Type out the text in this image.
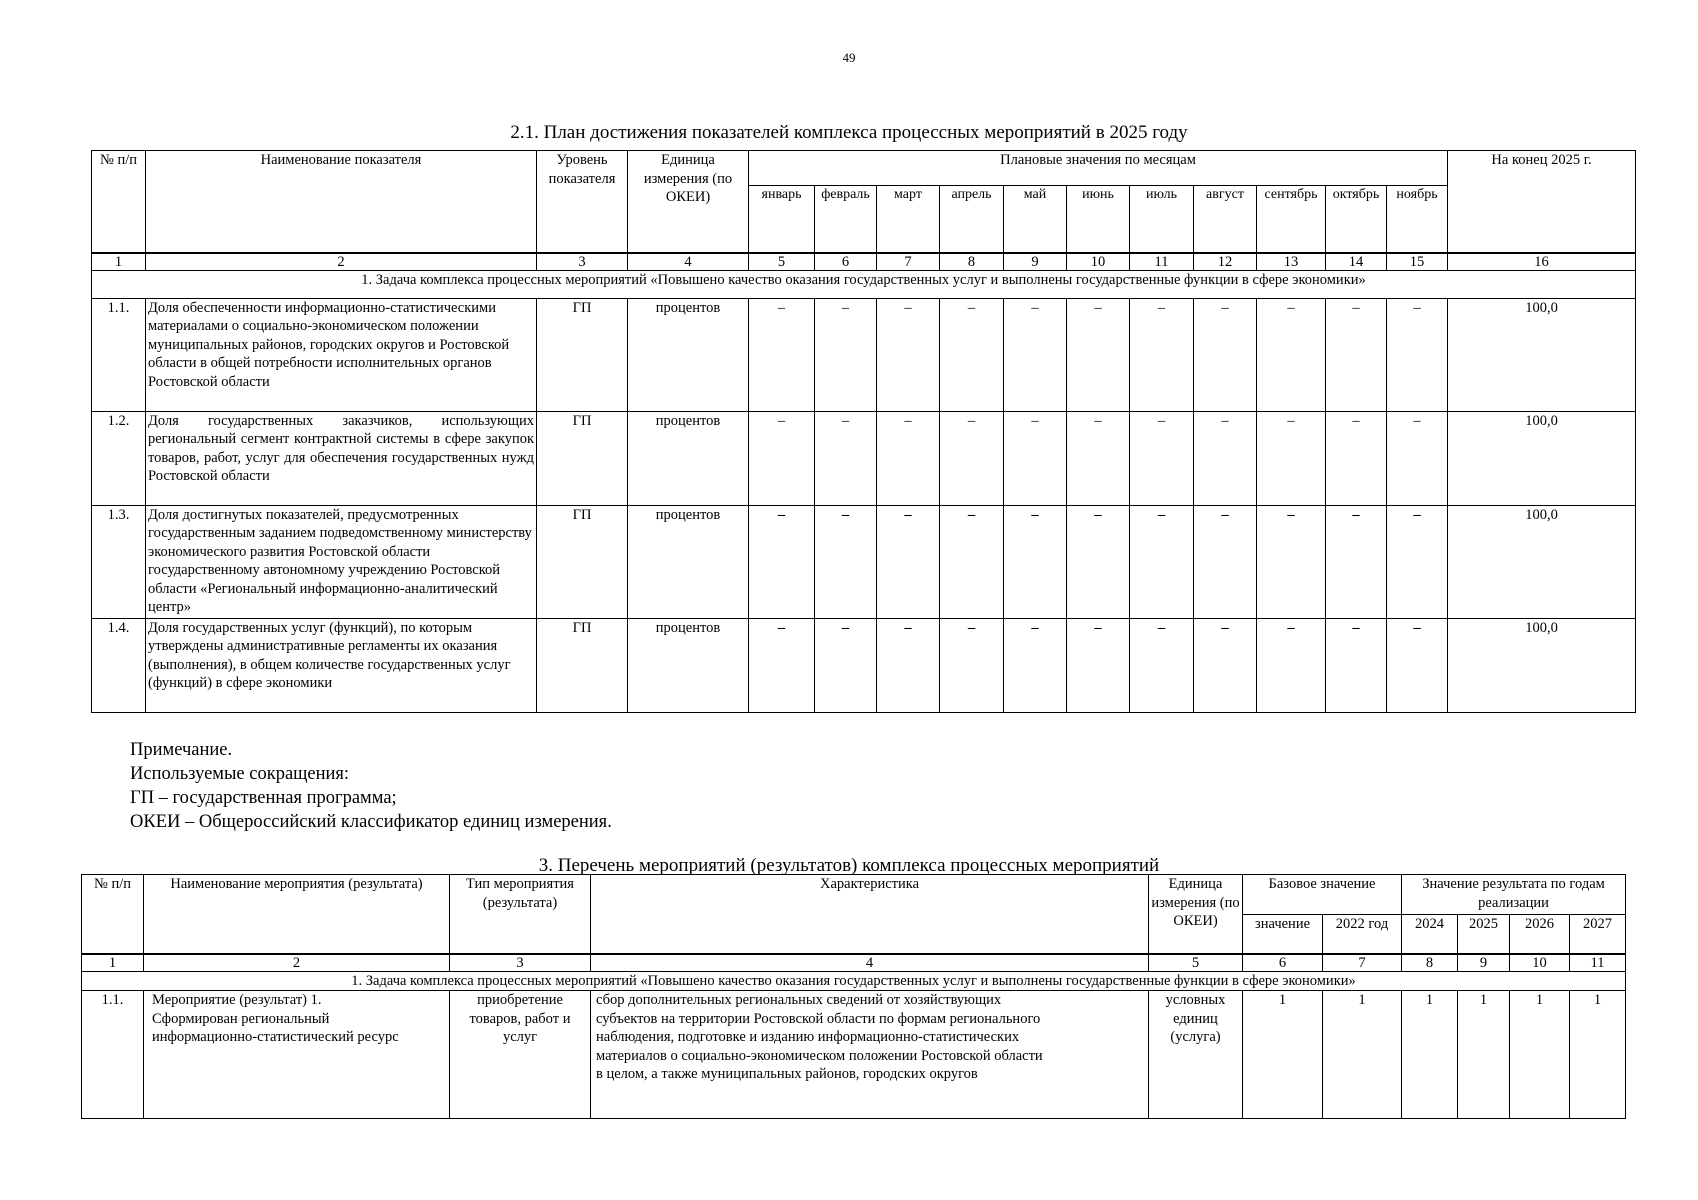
49
2.1. План достижения показателей комплекса процессных мероприятий в 2025 году
№ п/п	Наименование показателя	Уровень показателя	Единица измерения (по ОКЕИ)	Плановые значения по месяцам											На конец 2025 г.
				январь	февраль	март	апрель	май	июнь	июль	август	сентябрь	октябрь	ноябрь	
1	2	3	4	5	6	7	8	9	10	11	12	13	14	15	16
1. Задача комплекса процессных мероприятий «Повышено качество оказания государственных услуг и выполнены государственные функции в сфере экономики»															
1.1.	Доля обеспеченности информационно-статистическими материалами о социально-экономическом положении муниципальных районов, городских округов и Ростовской области в общей потребности исполнительных органов Ростовской области	ГП	процентов	–	–	–	–	–	–	–	–	–	–	–	100,0
1.2.	Доля государственных заказчиков, использующих региональный сегмент контрактной системы в сфере закупок товаров, работ, услуг для обеспечения государственных нужд Ростовской области	ГП	процентов	–	–	–	–	–	–	–	–	–	–	–	100,0
1.3.	Доля достигнутых показателей, предусмотренных государственным заданием подведомственному министерству экономического развития Ростовской области государственному автономному учреждению Ростовской области «Региональный информационно-аналитический центр»	ГП	процентов	–	–	–	–	–	–	–	–	–	–	–	100,0
1.4.	Доля государственных услуг (функций), по которым утверждены административные регламенты их оказания (выполнения), в общем количестве государственных услуг (функций) в сфере экономики	ГП	процентов	–	–	–	–	–	–	–	–	–	–	–	100,0
Примечание.
Используемые сокращения:
ГП – государственная программа;
ОКЕИ – Общероссийский классификатор единиц измерения.
3. Перечень мероприятий (результатов) комплекса процессных мероприятий
№ п/п	Наименование мероприятия (результата)	Тип мероприятия (результата)	Характеристика	Единица измерения (по ОКЕИ)	Базовое значение		Значение результата по годам реализации			
					значение	2022 год	2024	2025	2026	2027
1	2	3	4	5	6	7	8	9	10	11
1. Задача комплекса процессных мероприятий «Повышено качество оказания государственных услуг и выполнены государственные функции в сфере экономики»										
1.1.	Мероприятие (результат) 1. Сформирован региональный информационно-статистический ресурс	приобретение товаров, работ и услуг	сбор дополнительных региональных сведений от хозяйствующих субъектов на территории Ростовской области по формам регионального наблюдения, подготовке и изданию информационно-статистических материалов о социально-экономическом положении Ростовской области в целом, а также муниципальных районов, городских округов	условных единиц (услуга)	1	1	1	1	1	1
